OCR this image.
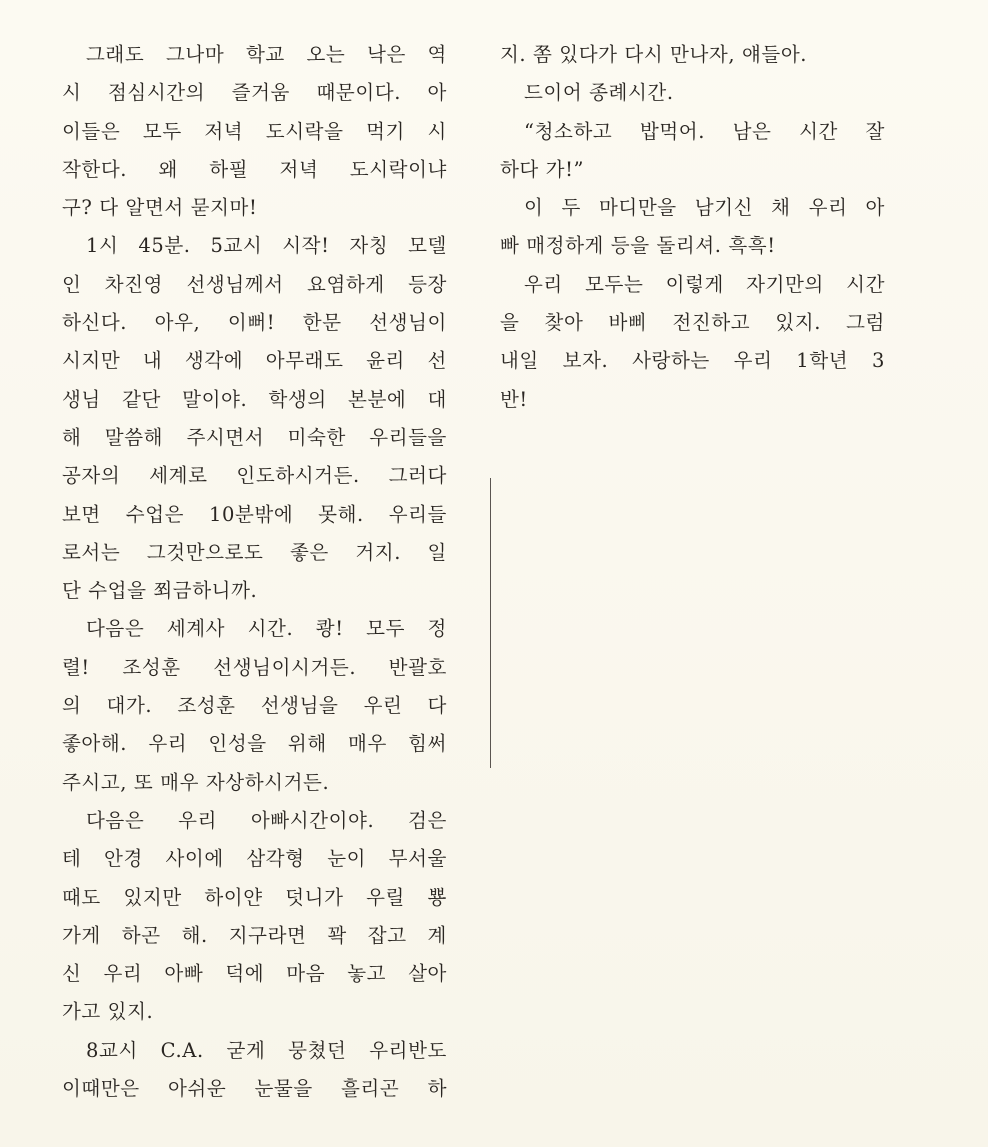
그래도 그나마 학교 오는 낙은 역
시 점심시간의 즐거움 때문이다. 아
이들은 모두 저녁 도시락을 먹기 시
작한다. 왜 하필 저녁 도시락이냐
구? 다 알면서 묻지마!
1시 45분. 5교시 시작! 자칭 모델
인 차진영 선생님께서 요염하게 등장
하신다. 아우, 이뻐! 한문 선생님이
시지만 내 생각에 아무래도 윤리 선
생님 같단 말이야. 학생의 본분에 대
해 말씀해 주시면서 미숙한 우리들을
공자의 세계로 인도하시거든. 그러다
보면 수업은 10분밖에 못해. 우리들
로서는 그것만으로도 좋은 거지. 일
단 수업을 쬐금하니까.
다음은 세계사 시간. 쾅! 모두 정
렬! 조성훈 선생님이시거든. 반괄호
의 대가. 조성훈 선생님을 우린 다
좋아해. 우리 인성을 위해 매우 힘써
주시고, 또 매우 자상하시거든.
다음은 우리 아빠시간이야. 검은
테 안경 사이에 삼각형 눈이 무서울
때도 있지만 하이얀 덧니가 우릴 뿅
가게 하곤 해. 지구라면 꽉 잡고 계
신 우리 아빠 덕에 마음 놓고 살아
가고 있지.
8교시 C.A. 굳게 뭉쳤던 우리반도
이때만은 아쉬운 눈물을 흘리곤 하
지. 쫌 있다가 다시 만나자, 얘들아.
드이어 종례시간.
“청소하고 밥먹어. 남은 시간 잘
하다 가!”
이 두 마디만을 남기신 채 우리 아
빠 매정하게 등을 돌리셔. 흑흑!
우리 모두는 이렇게 자기만의 시간
을 찾아 바삐 전진하고 있지. 그럼
내일 보자. 사랑하는 우리 1학년 3
반!
